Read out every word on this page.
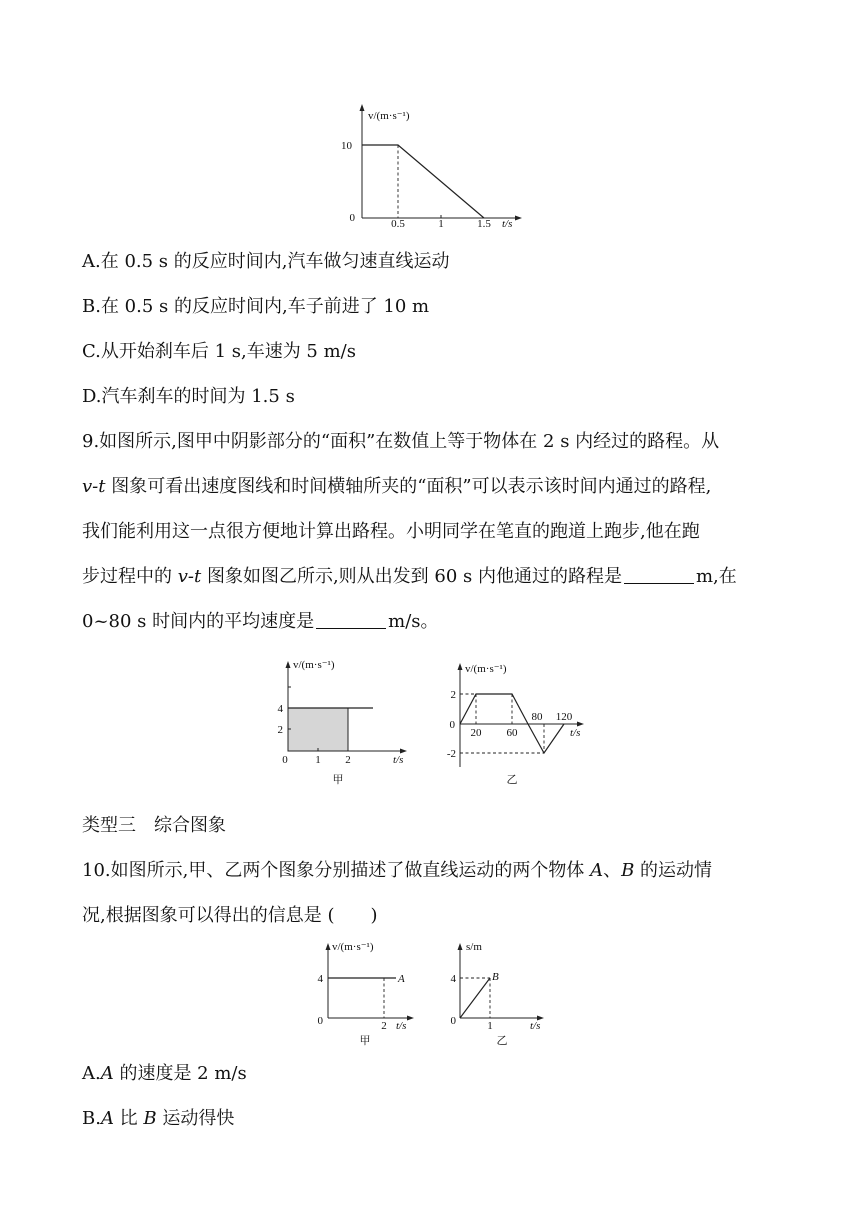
v/(m·s⁻¹)
10
0	0.5	1	1.5 t/s
A.在 0.5 s 的反应时间内,汽车做匀速直线运动
B.在 0.5 s 的反应时间内,车子前进了 10 m
C.从开始刹车后 1 s,车速为 5 m/s
D.汽车刹车的时间为 1.5 s
9.如图所示,图甲中阴影部分的“面积”在数值上等于物体在 2 s 内经过的路程。从
v-t 图象可看出速度图线和时间横轴所夹的“面积”可以表示该时间内通过的路程,
我们能利用这一点很方便地计算出路程。小明同学在笔直的跑道上跑步,他在跑
步过程中的 v-t 图象如图乙所示,则从出发到 60 s 内他通过的路程是	m,在
0~80 s 时间内的平均速度是	m/s。
v/(m·s⁻¹)
4
2
0	1 2	t/s
甲
v/(m·s⁻¹)
2
-2
0
20 60
80 120
t/s
乙
类型三　综合图象
10.如图所示,甲、乙两个图象分别描述了做直线运动的两个物体 A、B 的运动情
况,根据图象可以得出的信息是 (　　)
v/(m·s⁻¹)
A
4
0	2 t/s
甲
s/m
B
4
0	1	t/s
乙
A.A 的速度是 2 m/s
B.A 比 B 运动得快
